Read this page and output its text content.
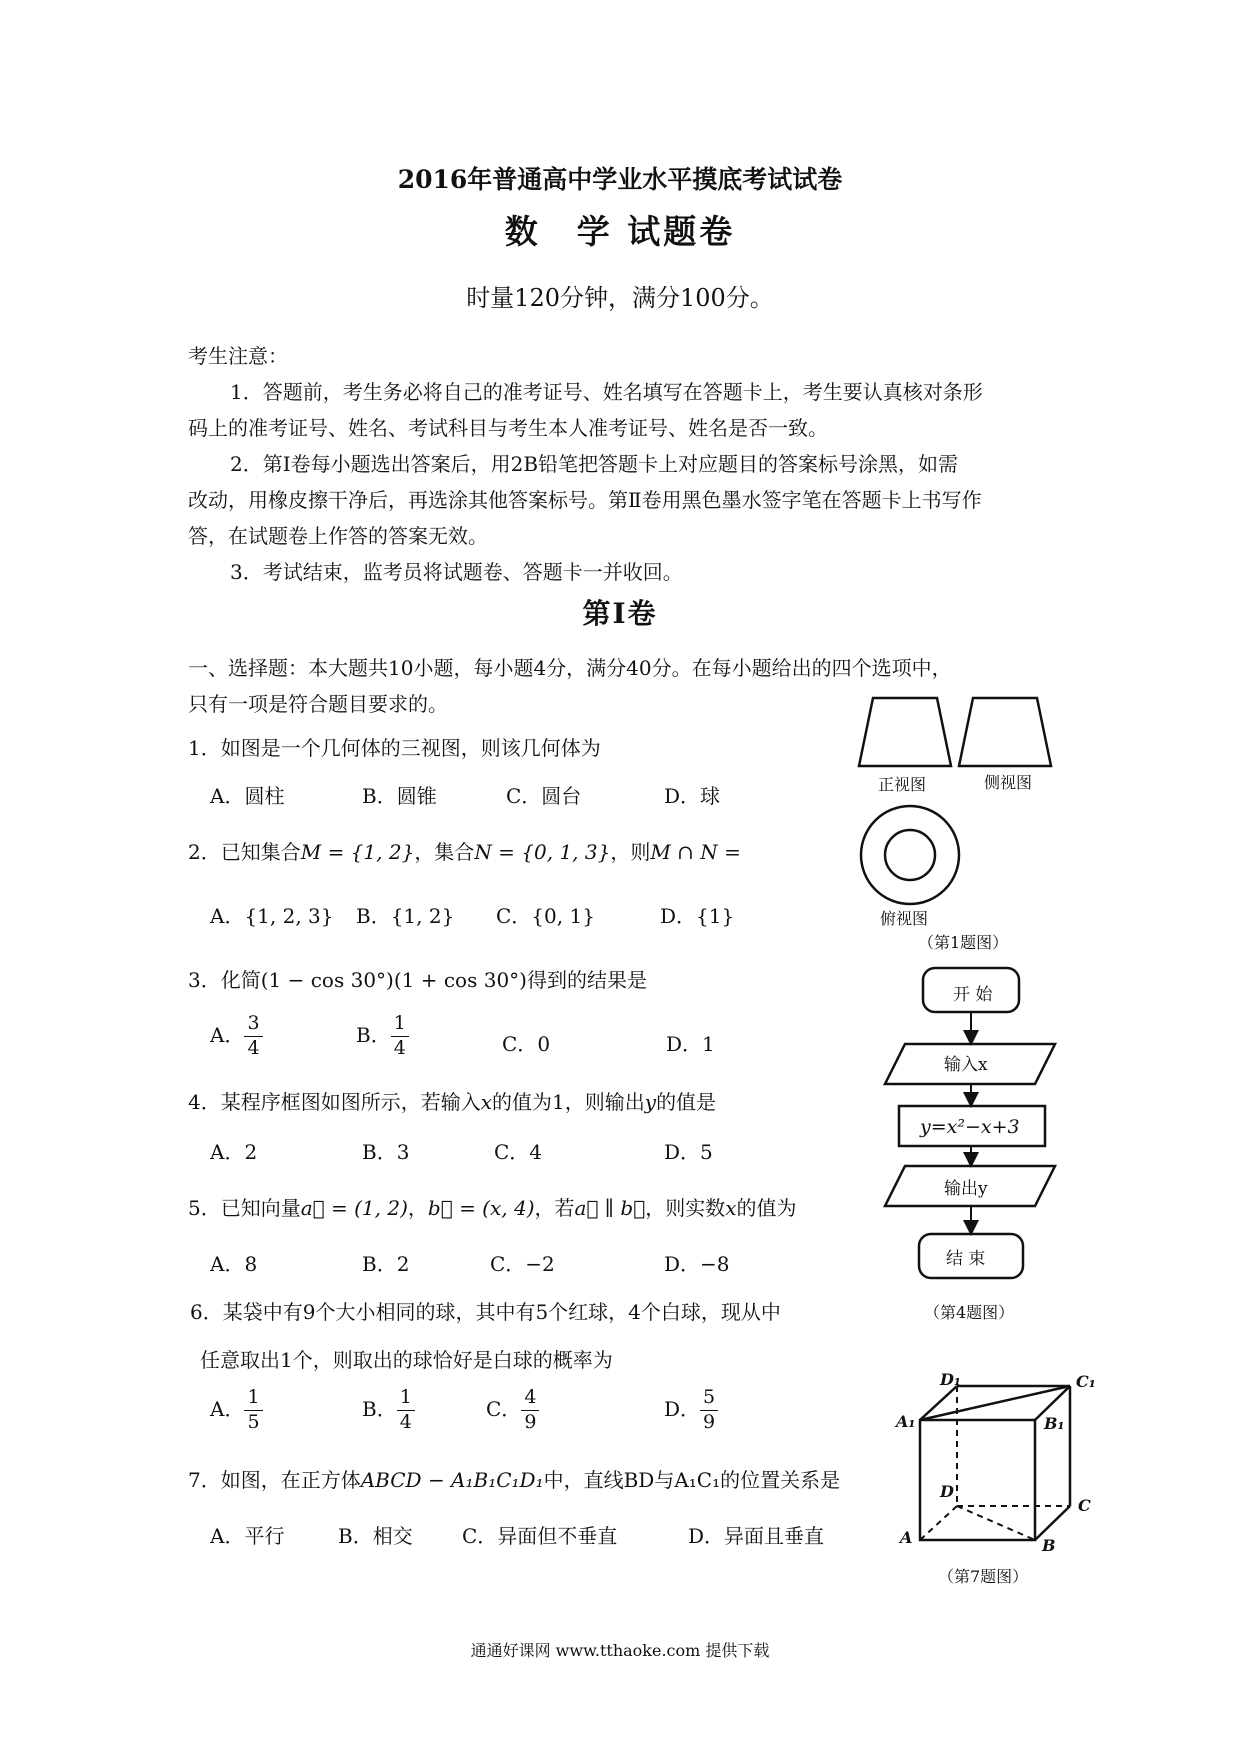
2016年普通高中学业水平摸底考试试卷
数　学 试题卷
时量120分钟，满分100分。
考生注意：
1．答题前，考生务必将自己的准考证号、姓名填写在答题卡上，考生要认真核对条形
码上的准考证号、姓名、考试科目与考生本人准考证号、姓名是否一致。
2．第Ⅰ卷每小题选出答案后，用2B铅笔把答题卡上对应题目的答案标号涂黑，如需
改动，用橡皮擦干净后，再选涂其他答案标号。第Ⅱ卷用黑色墨水签字笔在答题卡上书写作
答，在试题卷上作答的答案无效。
3．考试结束，监考员将试题卷、答题卡一并收回。
第Ⅰ卷
一、选择题：本大题共10小题，每小题4分，满分40分。在每小题给出的四个选项中，
只有一项是符合题目要求的。
1．如图是一个几何体的三视图，则该几何体为
A．圆柱	B．圆锥	C．圆台	D．球
2．已知集合M = {1, 2}，集合N = {0, 1, 3}，则M ∩ N =
A．{1, 2, 3} B．{1, 2} C．{0, 1}	D．{1}
3．化简(1 − cos 30°)(1 + cos 30°)得到的结果是
A． $\frac{3}{4}$	B． $\frac{1}{4}$	C．0	D．1
4．某程序框图如图所示，若输入x的值为1，则输出y的值是
A．2	B．3	C．4	D．5
5．已知向量a⃗ = (1, 2)，b⃗ = (x, 4)，若a⃗ ∥ b⃗，则实数x的值为
A．8	B．2	C．−2	D．−8
6．某袋中有9个大小相同的球，其中有5个红球，4个白球，现从中
任意取出1个，则取出的球恰好是白球的概率为
A． $\frac{1}{5}$	B． $\frac{1}{4}$	C． $\frac{4}{9}$	D． $\frac{5}{9}$
7．如图，在正方体ABCD − A₁B₁C₁D₁中，直线BD与A₁C₁的位置关系是
A．平行	B．相交 C．异面但不垂直	D．异面且垂直
正视图	侧视图
俯视图
（第1题图）
开 始
输入x
y=x²−x+3
输出y
结 束
（第4题图）
D₁	C₁
A₁	B₁
D
C
A	B
（第7题图）
通通好课网 www.tthaoke.com 提供下载
